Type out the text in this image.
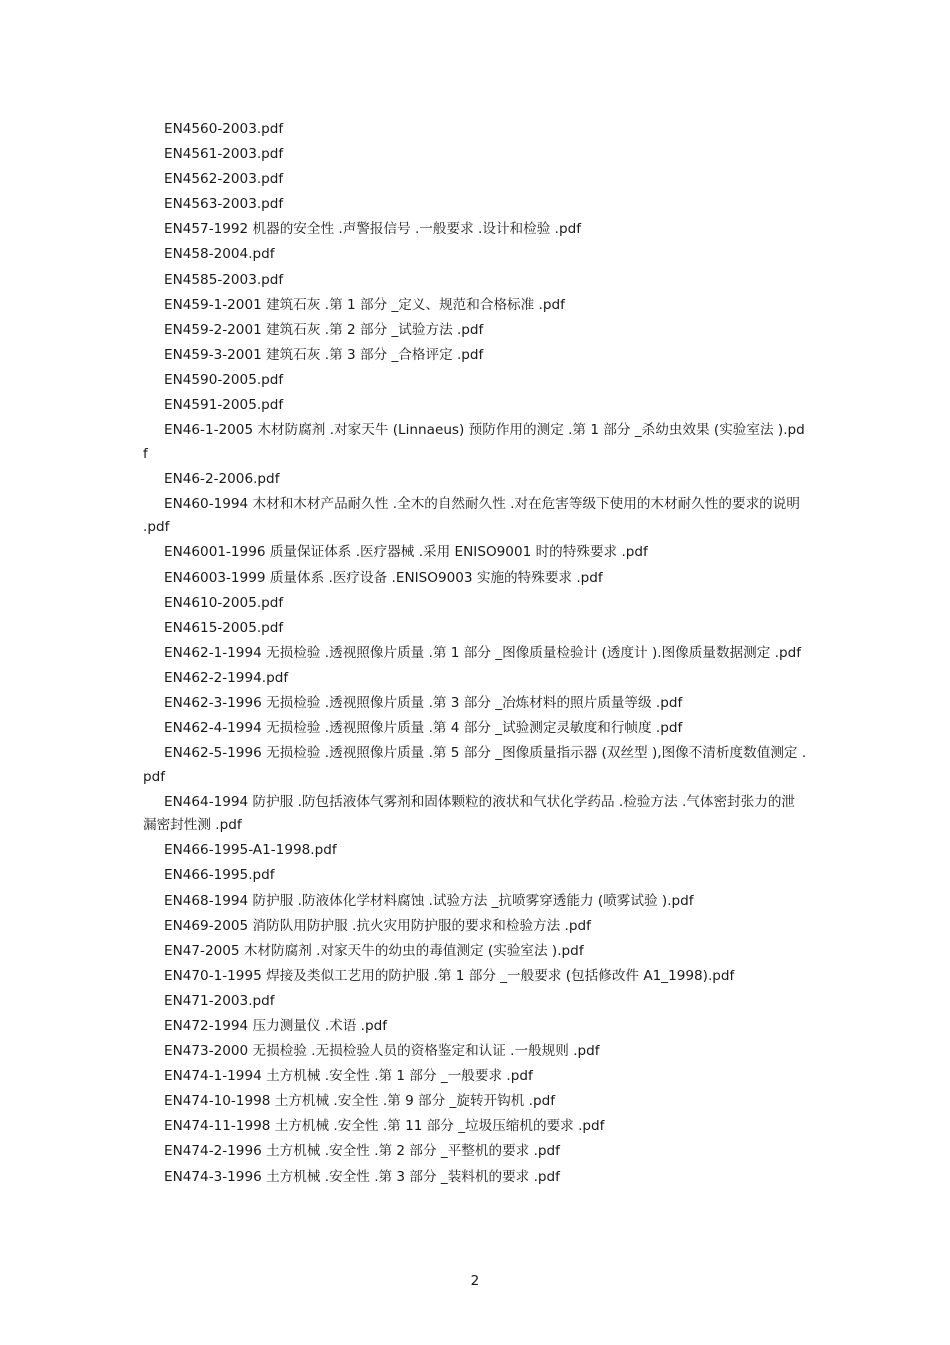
EN4560-2003.pdf
EN4561-2003.pdf
EN4562-2003.pdf
EN4563-2003.pdf
EN457-1992 机器的安全性 .声警报信号 .一般要求 .设计和检验 .pdf
EN458-2004.pdf
EN4585-2003.pdf
EN459-1-2001 建筑石灰 .第 1 部分 _定义、规范和合格标准 .pdf
EN459-2-2001 建筑石灰 .第 2 部分 _试验方法 .pdf
EN459-3-2001 建筑石灰 .第 3 部分 _合格评定 .pdf
EN4590-2005.pdf
EN4591-2005.pdf
EN46-1-2005 木材防腐剂 .对家天牛 (Linnaeus) 预防作用的测定 .第 1 部分 _杀幼虫效果 (实验室法 ).pdf
EN46-2-2006.pdf
EN460-1994 木材和木材产品耐久性 .全木的自然耐久性 .对在危害等级下使用的木材耐久性的要求的说明 .pdf
EN46001-1996 质量保证体系 .医疗器械 .采用 ENISO9001 时的特殊要求 .pdf
EN46003-1999 质量体系 .医疗设备 .ENISO9003 实施的特殊要求 .pdf
EN4610-2005.pdf
EN4615-2005.pdf
EN462-1-1994 无损检验 .透视照像片质量 .第 1 部分 _图像质量检验计 (透度计 ).图像质量数据测定 .pdf
EN462-2-1994.pdf
EN462-3-1996 无损检验 .透视照像片质量 .第 3 部分 _冶炼材料的照片质量等级 .pdf
EN462-4-1994 无损检验 .透视照像片质量 .第 4 部分 _试验测定灵敏度和行帧度 .pdf
EN462-5-1996 无损检验 .透视照像片质量 .第 5 部分 _图像质量指示器 (双丝型 ),图像不清析度数值测定 .pdf
EN464-1994 防护服 .防包括液体气雾剂和固体颗粒的液状和气状化学药品 .检验方法 .气体密封张力的泄漏密封性测 .pdf
EN466-1995-A1-1998.pdf
EN466-1995.pdf
EN468-1994 防护服 .防液体化学材料腐蚀 .试验方法 _抗喷雾穿透能力 (喷雾试验 ).pdf
EN469-2005 消防队用防护服 .抗火灾用防护服的要求和检验方法 .pdf
EN47-2005 木材防腐剂 .对家天牛的幼虫的毒值测定 (实验室法 ).pdf
EN470-1-1995 焊接及类似工艺用的防护服 .第 1 部分 _一般要求 (包括修改件 A1_1998).pdf
EN471-2003.pdf
EN472-1994 压力测量仪 .术语 .pdf
EN473-2000 无损检验 .无损检验人员的资格鉴定和认证 .一般规则 .pdf
EN474-1-1994 土方机械 .安全性 .第 1 部分 _一般要求 .pdf
EN474-10-1998 土方机械 .安全性 .第 9 部分 _旋转开钩机 .pdf
EN474-11-1998 土方机械 .安全性 .第 11 部分 _垃圾压缩机的要求 .pdf
EN474-2-1996 土方机械 .安全性 .第 2 部分 _平整机的要求 .pdf
EN474-3-1996 土方机械 .安全性 .第 3 部分 _装料机的要求 .pdf
2
